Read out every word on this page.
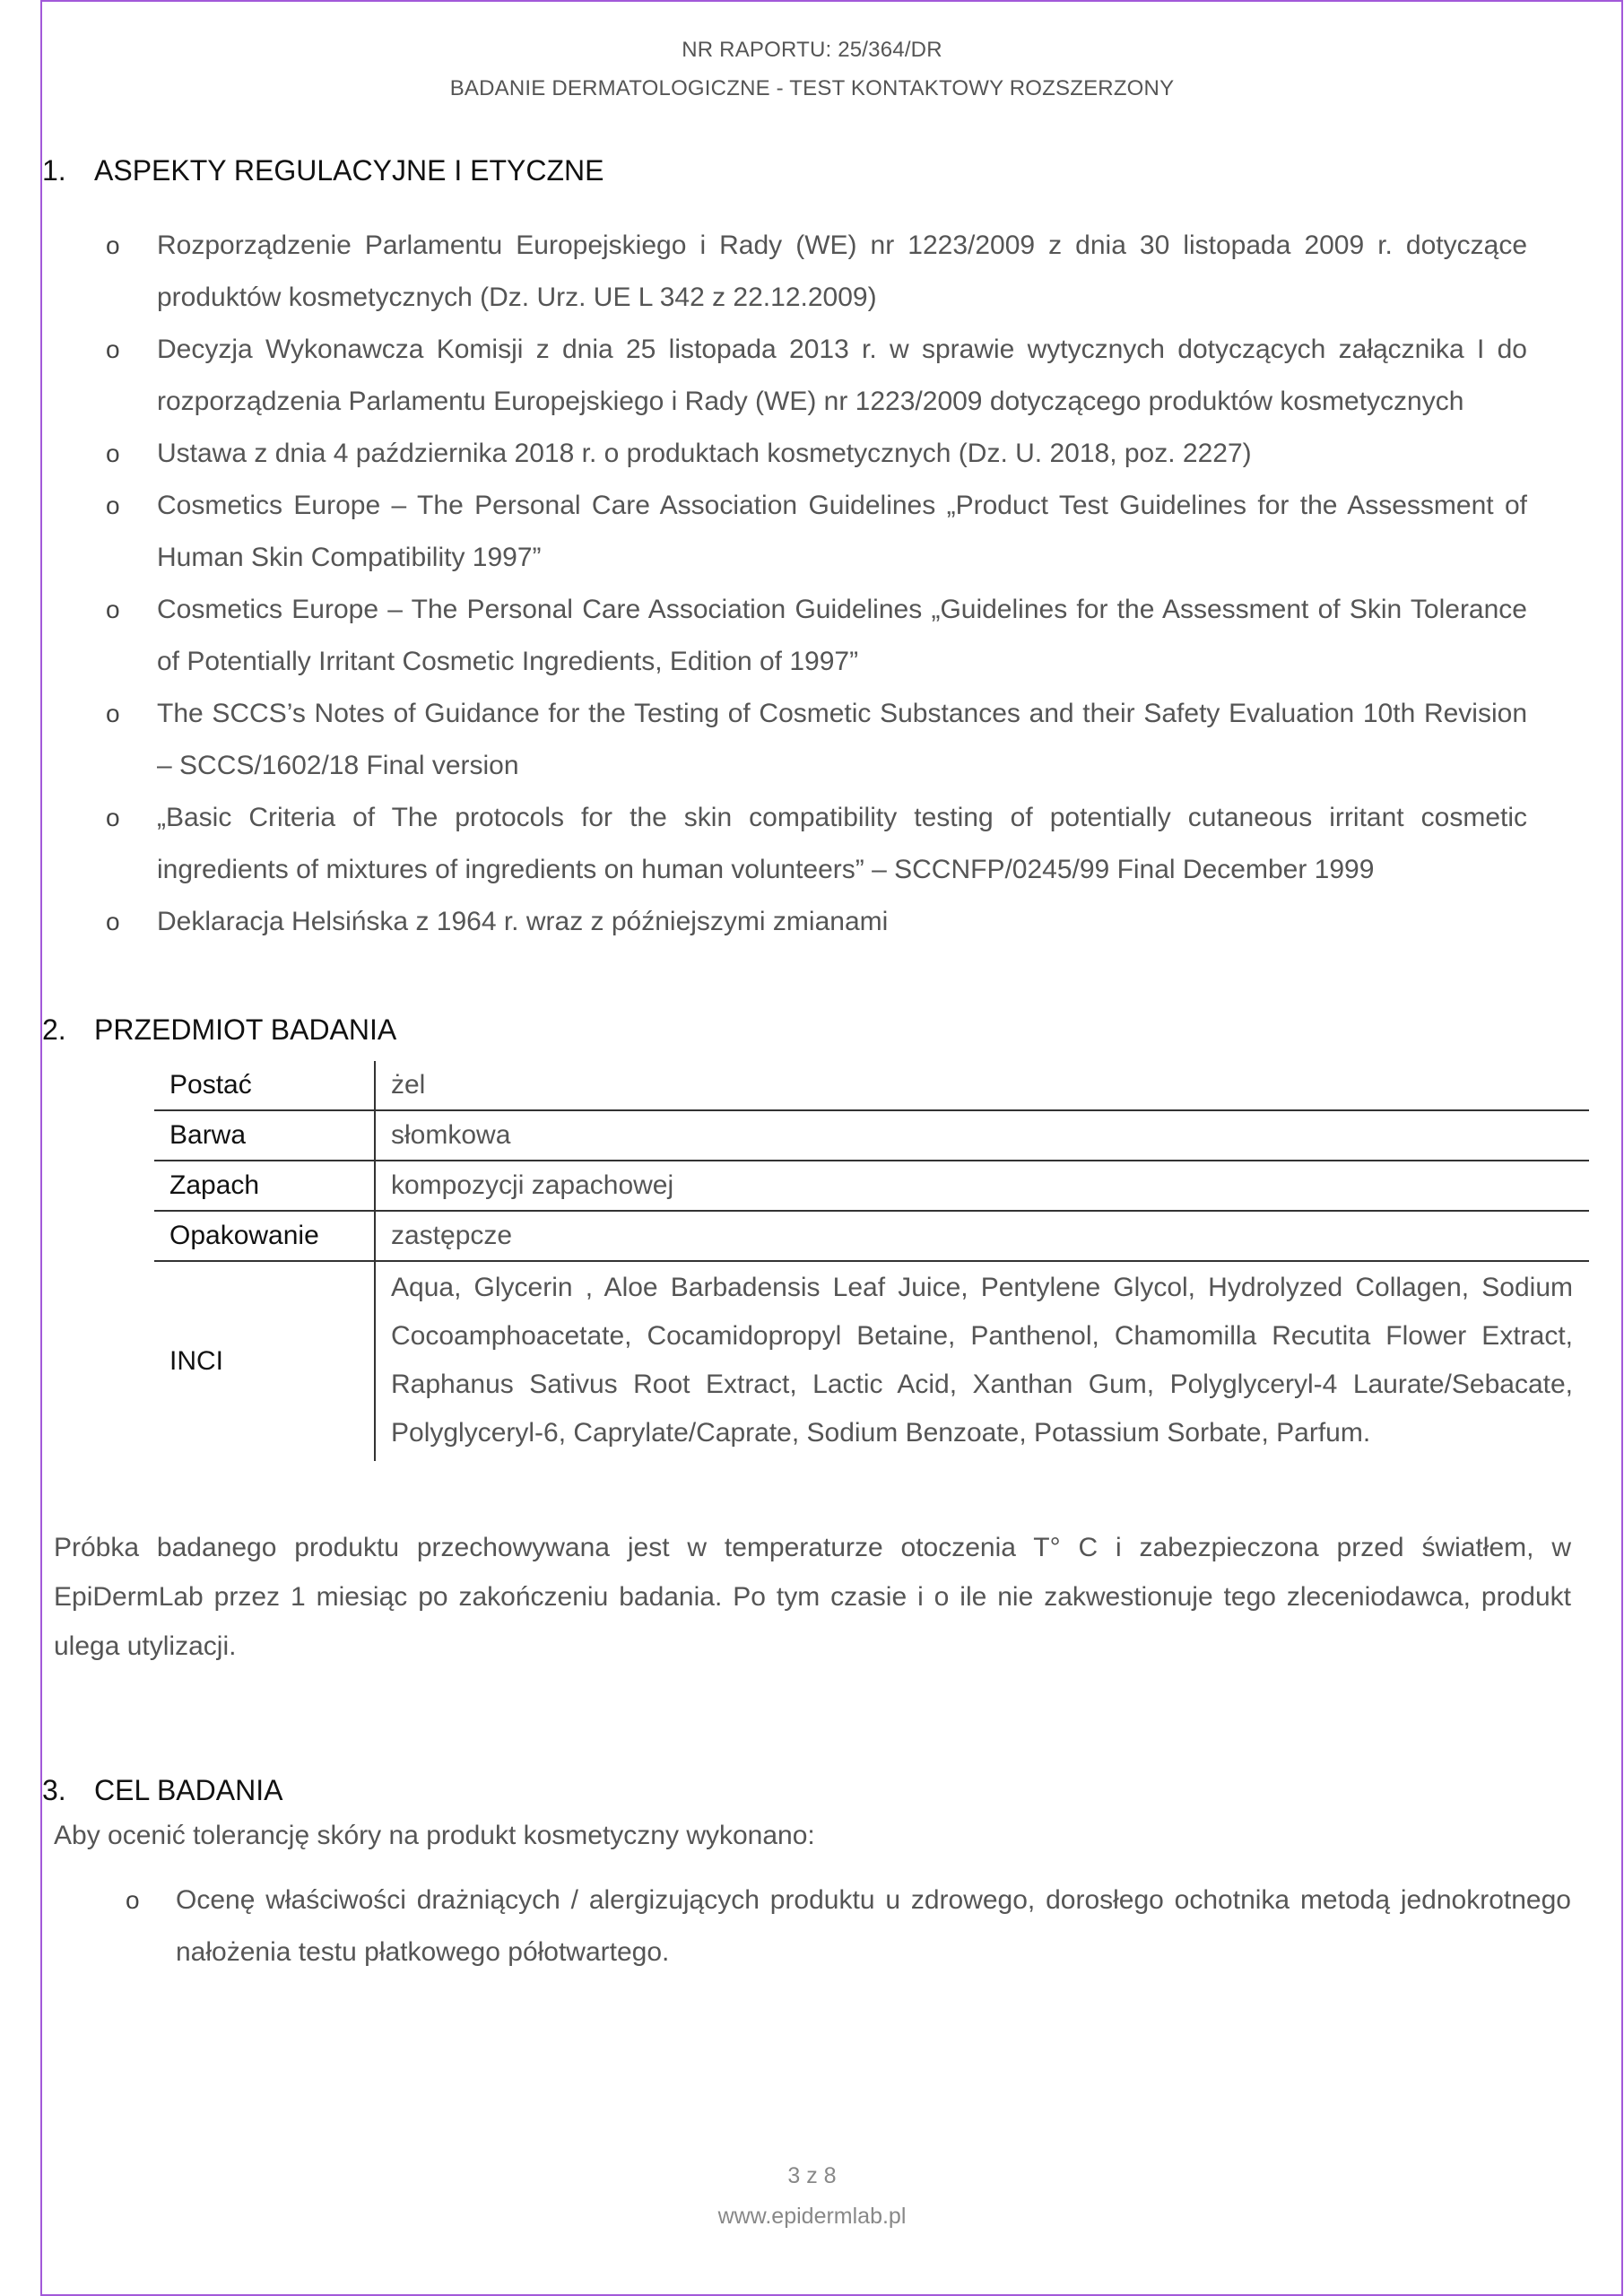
NR RAPORTU: 25/364/DR
BADANIE DERMATOLOGICZNE - TEST KONTAKTOWY ROZSZERZONY
1. ASPEKTY REGULACYJNE I ETYCZNE
o Rozporządzenie Parlamentu Europejskiego i Rady (WE) nr 1223/2009 z dnia 30 listopada 2009 r. dotyczące produktów kosmetycznych (Dz. Urz. UE L 342 z 22.12.2009)
o Decyzja Wykonawcza Komisji z dnia 25 listopada 2013 r. w sprawie wytycznych dotyczących załącznika I do rozporządzenia Parlamentu Europejskiego i Rady (WE) nr 1223/2009 dotyczącego produktów kosmetycznych
o Ustawa z dnia 4 października 2018 r. o produktach kosmetycznych (Dz. U. 2018, poz. 2227)
o Cosmetics Europe – The Personal Care Association Guidelines „Product Test Guidelines for the Assessment of Human Skin Compatibility 1997”
o Cosmetics Europe – The Personal Care Association Guidelines „Guidelines for the Assessment of Skin Tolerance of Potentially Irritant Cosmetic Ingredients, Edition of 1997”
o The SCCS’s Notes of Guidance for the Testing of Cosmetic Substances and their Safety Evaluation 10th Revision – SCCS/1602/18 Final version
o „Basic Criteria of The protocols for the skin compatibility testing of potentially cutaneous irritant cosmetic ingredients of mixtures of ingredients on human volunteers” – SCCNFP/0245/99 Final December 1999
o Deklaracja Helsińska z 1964 r. wraz z późniejszymi zmianami
2. PRZEDMIOT BADANIA
Postać	żel
Barwa	słomkowa
Zapach	kompozycji zapachowej
Opakowanie	zastępcze
INCI	Aqua, Glycerin , Aloe Barbadensis Leaf Juice, Pentylene Glycol, Hydrolyzed Collagen, Sodium Cocoamphoacetate, Cocamidopropyl Betaine, Panthenol, Chamomilla Recutita Flower Extract, Raphanus Sativus Root Extract, Lactic Acid, Xanthan Gum, Polyglyceryl-4 Laurate/Sebacate, Polyglyceryl-6, Caprylate/Caprate, Sodium Benzoate, Potassium Sorbate, Parfum.
Próbka badanego produktu przechowywana jest w temperaturze otoczenia T° C i zabezpieczona przed światłem, w EpiDermLab przez 1 miesiąc po zakończeniu badania. Po tym czasie i o ile nie zakwestionuje tego zleceniodawca, produkt ulega utylizacji.
3. CEL BADANIA
Aby ocenić tolerancję skóry na produkt kosmetyczny wykonano:
o Ocenę właściwości drażniących / alergizujących produktu u zdrowego, dorosłego ochotnika metodą jednokrotnego nałożenia testu płatkowego półotwartego.
3 z 8
www.epidermlab.pl
